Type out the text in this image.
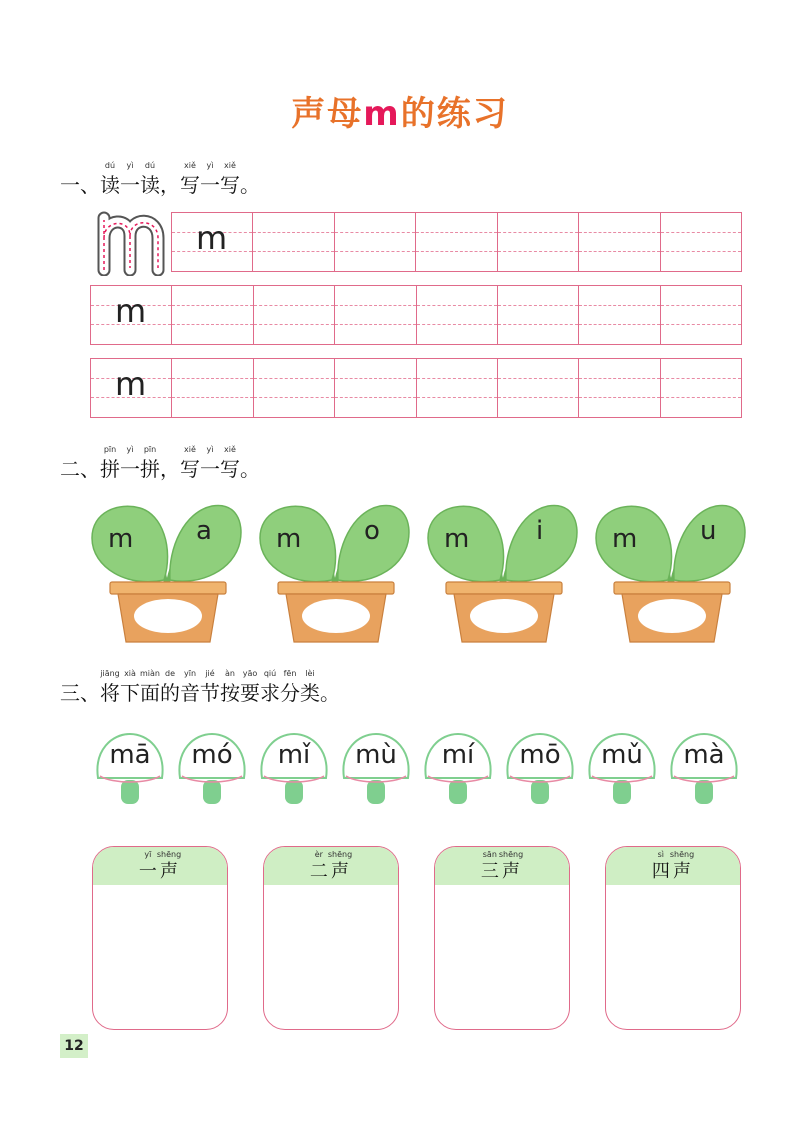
声母m的练习
一、
dú
读
yì
一
dú
读 ，
xiě
写
yì
一
xiě
写 。
二、
pīn
拼
yì
一
pīn
拼 ，
xiě
写
yì
一
xiě
写 。
三、
jiāng
将
xià
下
miàn
面
de
的
yīn
音
jié
节
àn
按
yāo
要
qiú
求
fēn
分
lèi
类 。
m
m
m
m a m o m	i	m u
mā	mó	mǐ	mù	mí	mō	mǔ	mà
yī
一
shēng
声
èr
二
shēng
声
sān
三
shēng
声
sì
四
shēng
声
12
